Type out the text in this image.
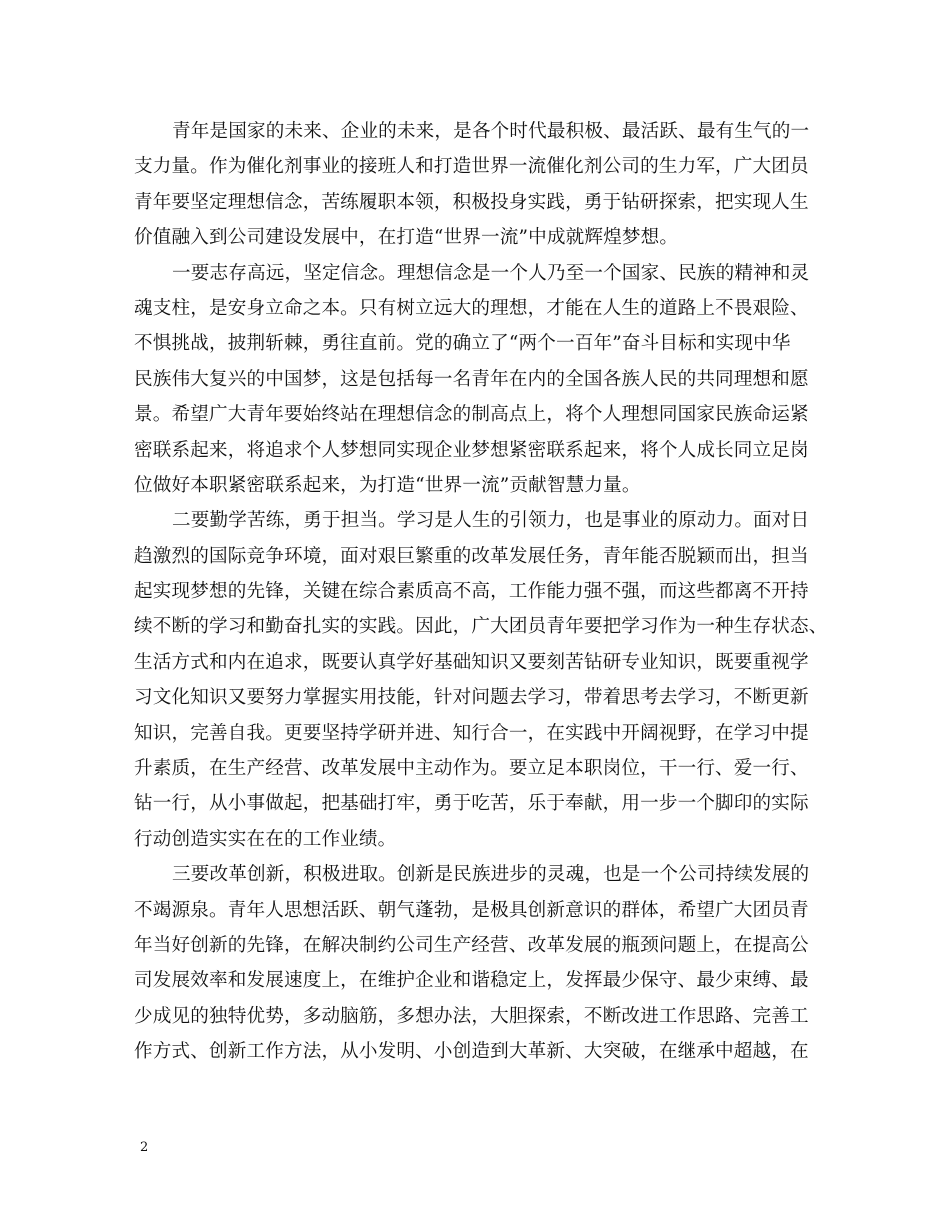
青年是国家的未来、企业的未来，是各个时代最积极、最活跃、最有生气的一
支力量。作为催化剂事业的接班人和打造世界一流催化剂公司的生力军，广大团员
青年要坚定理想信念，苦练履职本领，积极投身实践，勇于钻研探索，把实现人生
价值融入到公司建设发展中，在打造“世界一流”中成就辉煌梦想。
一要志存高远，坚定信念。理想信念是一个人乃至一个国家、民族的精神和灵
魂支柱，是安身立命之本。只有树立远大的理想，才能在人生的道路上不畏艰险、
不惧挑战，披荆斩棘，勇往直前。党的确立了“两个一百年”奋斗目标和实现中华
民族伟大复兴的中国梦，这是包括每一名青年在内的全国各族人民的共同理想和愿
景。希望广大青年要始终站在理想信念的制高点上，将个人理想同国家民族命运紧
密联系起来，将追求个人梦想同实现企业梦想紧密联系起来，将个人成长同立足岗
位做好本职紧密联系起来，为打造“世界一流”贡献智慧力量。
二要勤学苦练，勇于担当。学习是人生的引领力，也是事业的原动力。面对日
趋激烈的国际竞争环境，面对艰巨繁重的改革发展任务，青年能否脱颖而出，担当
起实现梦想的先锋，关键在综合素质高不高，工作能力强不强，而这些都离不开持
续不断的学习和勤奋扎实的实践。因此，广大团员青年要把学习作为一种生存状态、
生活方式和内在追求，既要认真学好基础知识又要刻苦钻研专业知识，既要重视学
习文化知识又要努力掌握实用技能，针对问题去学习，带着思考去学习，不断更新
知识，完善自我。更要坚持学研并进、知行合一，在实践中开阔视野，在学习中提
升素质，在生产经营、改革发展中主动作为。要立足本职岗位，干一行、爱一行、
钻一行，从小事做起，把基础打牢，勇于吃苦，乐于奉献，用一步一个脚印的实际
行动创造实实在在的工作业绩。
三要改革创新，积极进取。创新是民族进步的灵魂，也是一个公司持续发展的
不竭源泉。青年人思想活跃、朝气蓬勃，是极具创新意识的群体，希望广大团员青
年当好创新的先锋，在解决制约公司生产经营、改革发展的瓶颈问题上，在提高公
司发展效率和发展速度上，在维护企业和谐稳定上，发挥最少保守、最少束缚、最
少成见的独特优势，多动脑筋，多想办法，大胆探索，不断改进工作思路、完善工
作方式、创新工作方法，从小发明、小创造到大革新、大突破，在继承中超越，在
2
